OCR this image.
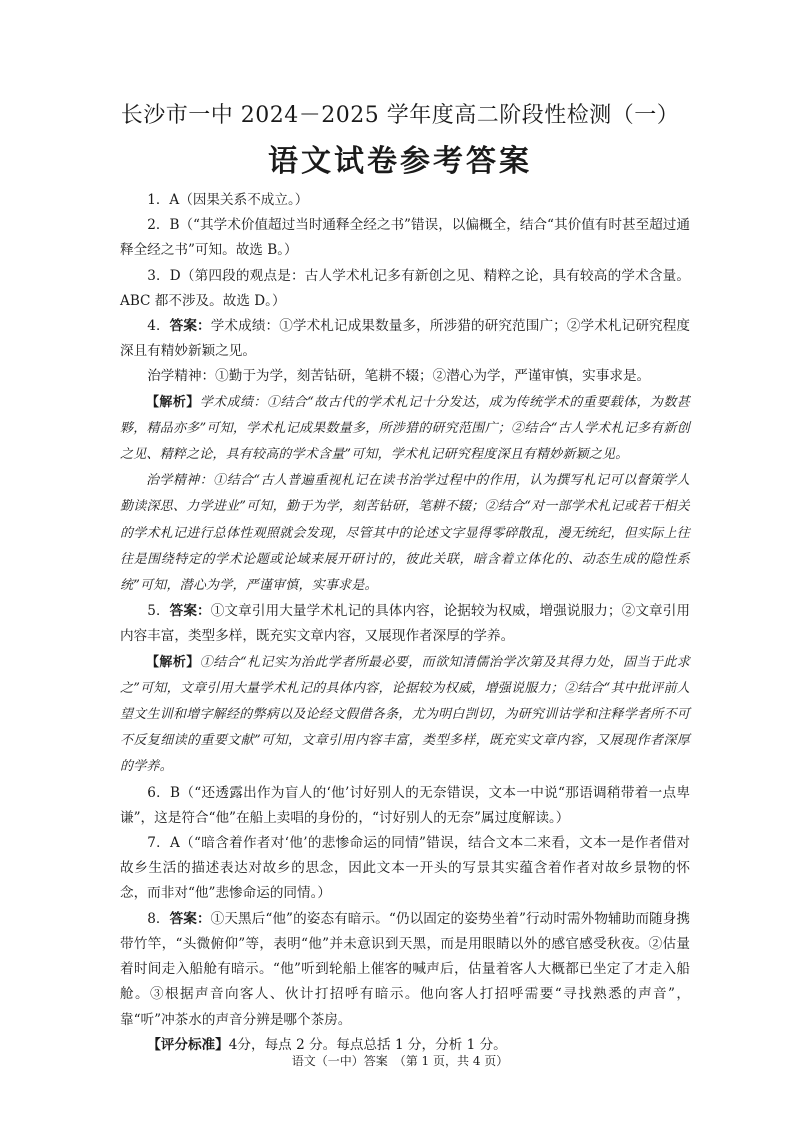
长沙市一中 2024－2025 学年度高二阶段性检测（一）
语文试卷参考答案

1．A（因果关系不成立。）

2．B（“其学术价值超过当时通释全经之书”错误，以偏概全，结合“其价值有时甚至超过通释全经之书”可知。故选 B。）

3．D（第四段的观点是：古人学术札记多有新创之见、精粹之论，具有较高的学术含量。ABC 都不涉及。故选 D。）

4．答案：学术成绩：①学术札记成果数量多，所涉猎的研究范围广；②学术札记研究程度深且有精妙新颖之见。

治学精神：①勤于为学，刻苦钻研，笔耕不辍；②潜心为学，严谨审慎，实事求是。

【解析】学术成绩：①结合“故古代的学术札记十分发达，成为传统学术的重要载体，为数甚夥，精品亦多”可知，学术札记成果数量多，所涉猎的研究范围广；②结合“古人学术札记多有新创之见、精粹之论，具有较高的学术含量”可知，学术札记研究程度深且有精妙新颖之见。

治学精神：①结合“古人普遍重视札记在读书治学过程中的作用，认为撰写札记可以督策学人勤读深思、力学进业”可知，勤于为学，刻苦钻研，笔耕不辍；②结合“对一部学术札记或若干相关的学术札记进行总体性观照就会发现，尽管其中的论述文字显得零碎散乱，漫无统纪，但实际上往往是围绕特定的学术论题或论域来展开研讨的，彼此关联，暗含着立体化的、动态生成的隐性系统”可知，潜心为学，严谨审慎，实事求是。

5．答案：①文章引用大量学术札记的具体内容，论据较为权威，增强说服力；②文章引用内容丰富，类型多样，既充实文章内容，又展现作者深厚的学养。

【解析】①结合“札记实为治此学者所最必要，而欲知清儒治学次第及其得力处，固当于此求之”可知，文章引用大量学术札记的具体内容，论据较为权威，增强说服力；②结合“其中批评前人望文生训和增字解经的弊病以及论经文假借各条，尤为明白剀切，为研究训诂学和注释学者所不可不反复细读的重要文献”可知，文章引用内容丰富，类型多样，既充实文章内容，又展现作者深厚的学养。

6．B（“还透露出作为盲人的‘他’讨好别人的无奈错误，文本一中说“那语调稍带着一点卑谦”，这是符合“他”在船上卖唱的身份的，“讨好别人的无奈”属过度解读。）

7．A（“暗含着作者对‘他’的悲惨命运的同情”错误，结合文本二来看，文本一是作者借对故乡生活的描述表达对故乡的思念，因此文本一开头的写景其实蕴含着作者对故乡景物的怀念，而非对“他”悲惨命运的同情。）

8．答案：①天黑后“他”的姿态有暗示。“仍以固定的姿势坐着”行动时需外物辅助而随身携带竹竿，“头微俯仰”等，表明“他”并未意识到天黑，而是用眼睛以外的感官感受秋夜。②估量着时间走入船舱有暗示。“他”听到轮船上催客的喊声后，估量着客人大概都已坐定了才走入船舱。③根据声音向客人、伙计打招呼有暗示。他向客人打招呼需要“寻找熟悉的声音”，靠“听”冲茶水的声音分辨是哪个茶房。

【评分标准】4分，每点 2 分。每点总括 1 分，分析 1 分。

语文（一中）答案　（第 1 页，共 4 页）
